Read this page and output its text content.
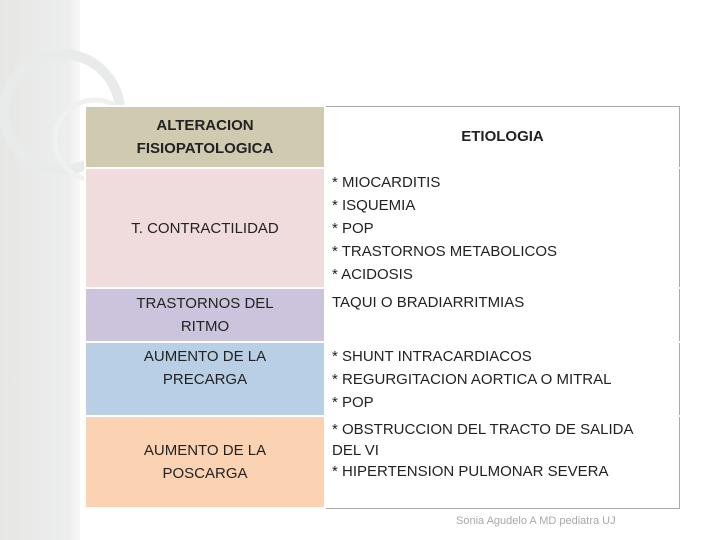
ALTERACION
FISIOPATOLOGICA	ETIOLOGIA

T. CONTRACTILIDAD	* MIOCARDITIS
* ISQUEMIA
* POP
* TRASTORNOS METABOLICOS
* ACIDOSIS

TRASTORNOS DEL
RITMO	TAQUI O BRADIARRITMIAS

AUMENTO DE LA
PRECARGA	* SHUNT INTRACARDIACOS
* REGURGITACION AORTICA O MITRAL
* POP

AUMENTO DE LA
POSCARGA	* OBSTRUCCION DEL TRACTO DE SALIDA
DEL VI
* HIPERTENSION PULMONAR SEVERA
Sonia Agudelo A MD pediatra UJ
